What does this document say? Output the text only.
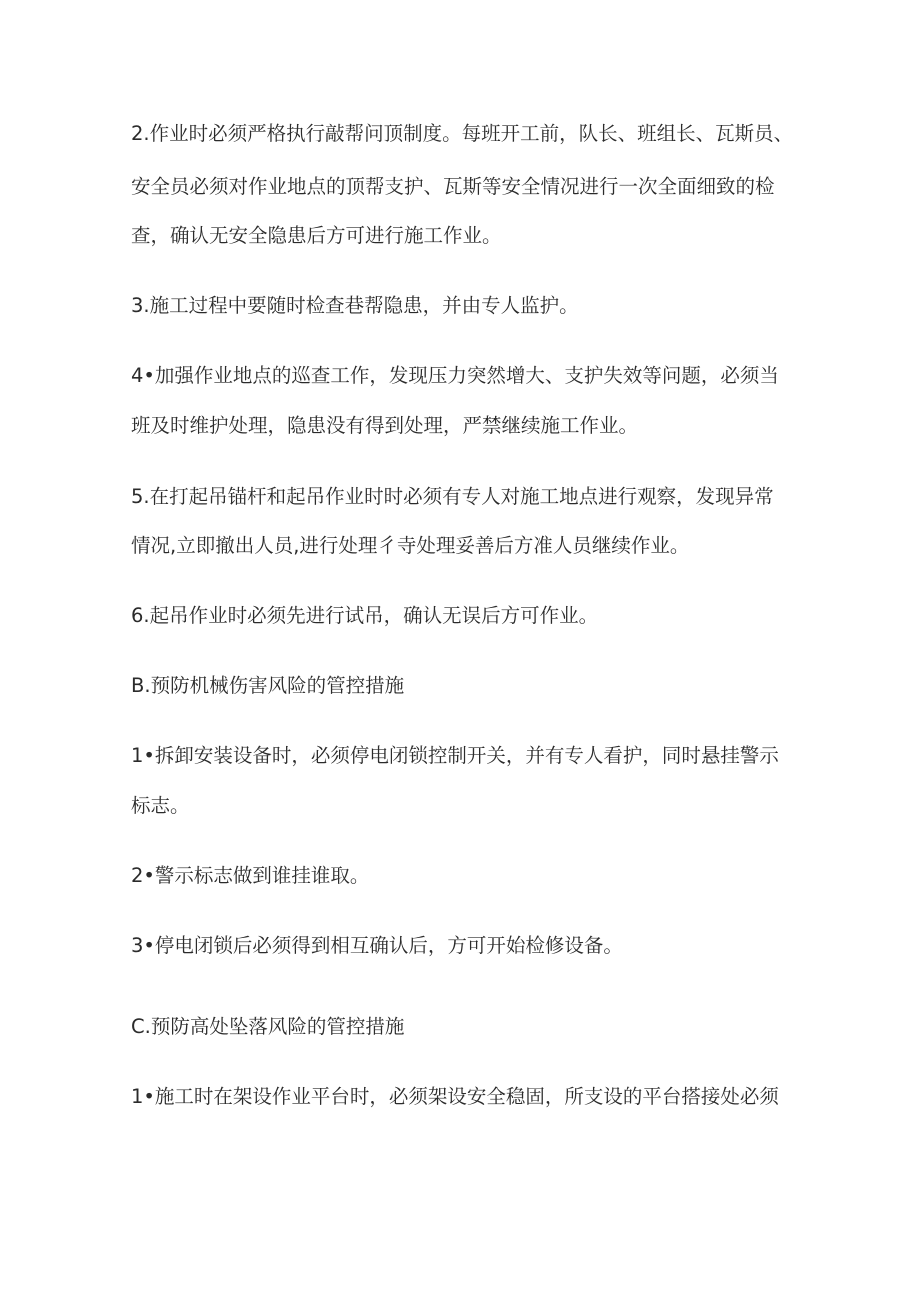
2.作业时必须严格执行敲帮问顶制度。每班开工前，队长、班组长、瓦斯员、
安全员必须对作业地点的顶帮支护、瓦斯等安全情况进行一次全面细致的检
查，确认无安全隐患后方可进行施工作业。
3.施工过程中要随时检查巷帮隐患，并由专人监护。
4•加强作业地点的巡查工作，发现压力突然增大、支护失效等问题，必须当
班及时维护处理，隐患没有得到处理，严禁继续施工作业。
5.在打起吊锚杆和起吊作业时时必须有专人对施工地点进行观察，发现异常
情况,立即撤出人员,进行处理彳寺处理妥善后方准人员继续作业。
6.起吊作业时必须先进行试吊，确认无误后方可作业。
B.预防机械伤害风险的管控措施
1•拆卸安装设备时，必须停电闭锁控制开关，并有专人看护，同时悬挂警示
标志。
2•警示标志做到谁挂谁取。
3•停电闭锁后必须得到相互确认后，方可开始检修设备。
C.预防高处坠落风险的管控措施
1•施工时在架设作业平台时，必须架设安全稳固，所支设的平台搭接处必须
